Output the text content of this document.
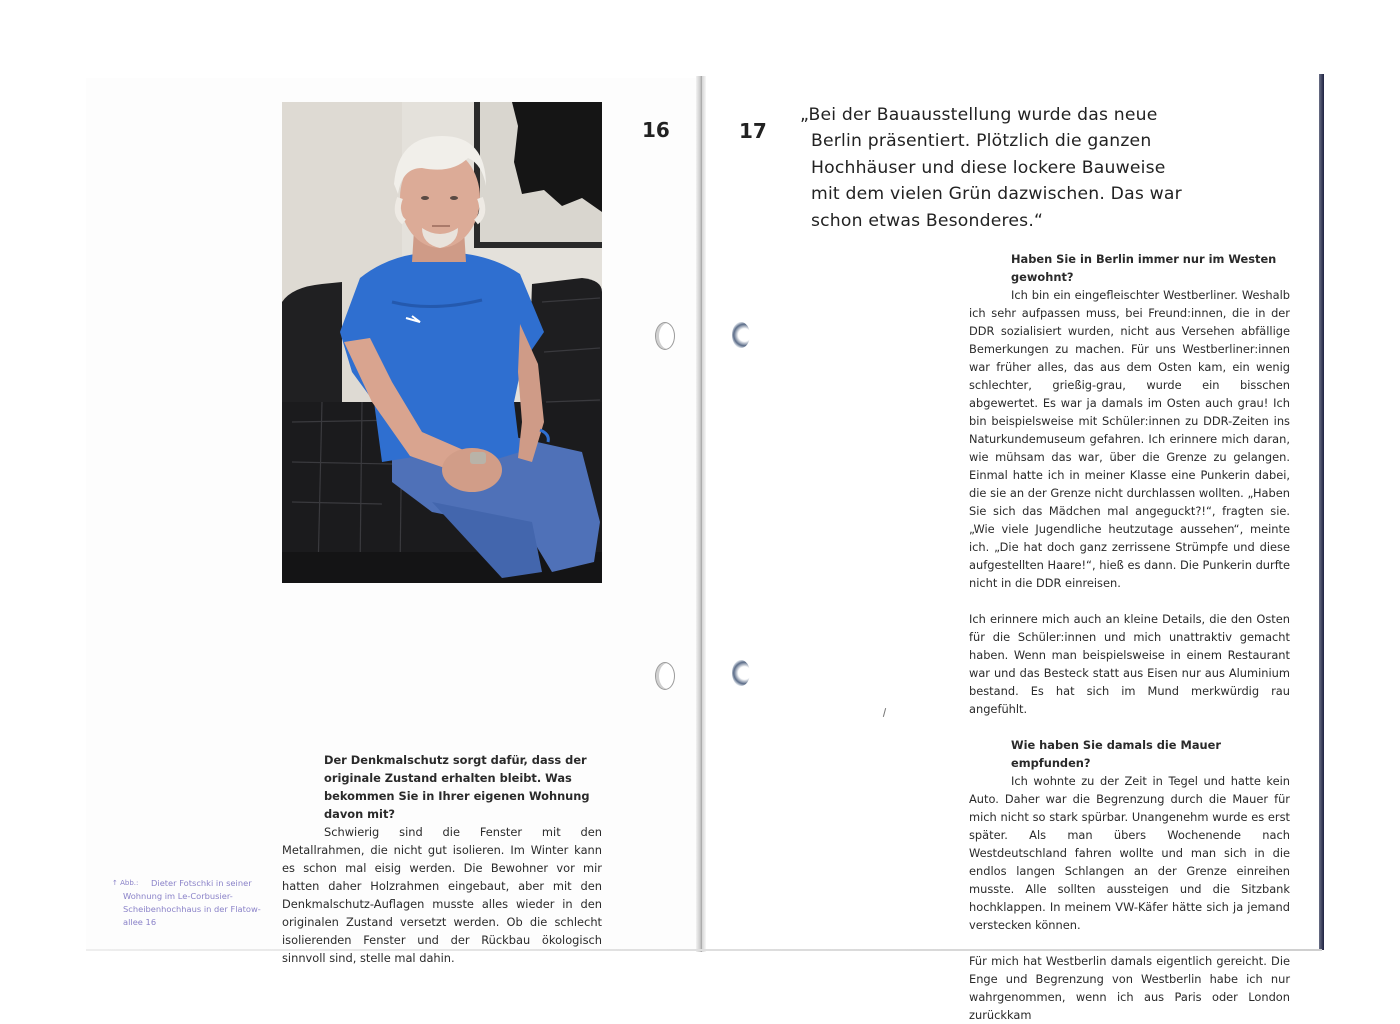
16	17
↑ Abb.:	Dieter Fotschki in seiner Wohnung im Le-Corbusier-Scheibenhochhaus in der Flatow-allee 16

Der Denkmalschutz sorgt dafür, dass der originale Zustand erhalten bleibt. Was bekommen Sie in Ihrer eigenen Wohnung davon mit?

Schwierig sind die Fenster mit den Metallrahmen, die nicht gut isolieren. Im Winter kann es schon mal eisig werden. Die Bewohner vor mir hatten daher Holzrahmen eingebaut, aber mit den Denkmalschutz-Auflagen musste alles wieder in den originalen Zustand versetzt werden. Ob die schlecht isolierenden Fenster und der Rückbau ökologisch sinnvoll sind, stelle mal dahin.

„Bei der Bauausstellung wurde das neue
Berlin präsentiert. Plötzlich die ganzen
Hochhäuser und diese lockere Bauweise
mit dem vielen Grün dazwischen. Das war
schon etwas Besonderes.“

Haben Sie in Berlin immer nur im Westen gewohnt?

Ich bin ein eingefleischter Westberliner. Weshalb ich sehr aufpassen muss, bei Freund:innen, die in der DDR sozialisiert wurden, nicht aus Versehen abfällige Bemerkungen zu machen. Für uns Westberliner:innen war früher alles, das aus dem Osten kam, ein wenig schlechter, grießig-grau, wurde ein bisschen abgewertet. Es war ja damals im Osten auch grau! Ich bin beispielsweise mit Schüler:innen zu DDR-Zeiten ins Naturkundemuseum gefahren. Ich erinnere mich daran, wie mühsam das war, über die Grenze zu gelangen. Einmal hatte ich in meiner Klasse eine Punkerin dabei, die sie an der Grenze nicht durchlassen wollten. „Haben Sie sich das Mädchen mal angeguckt?!“, fragten sie. „Wie viele Jugendliche heutzutage aussehen“, meinte ich. „Die hat doch ganz zerrissene Strümpfe und diese aufgestellten Haare!“, hieß es dann. Die Punkerin durfte nicht in die DDR einreisen.

Ich erinnere mich auch an kleine Details, die den Osten für die Schüler:innen und mich unattraktiv gemacht haben. Wenn man beispielsweise in einem Restaurant war und das Besteck statt aus Eisen nur aus Aluminium bestand. Es hat sich im Mund merkwürdig rau angefühlt.

Wie haben Sie damals die Mauer empfunden?

Ich wohnte zu der Zeit in Tegel und hatte kein Auto. Daher war die Begrenzung durch die Mauer für mich nicht so stark spürbar. Unangenehm wurde es erst später. Als man übers Wochenende nach Westdeutschland fahren wollte und man sich in die endlos langen Schlangen an der Grenze einreihen musste. Alle sollten aussteigen und die Sitzbank hochklappen. In meinem VW-Käfer hätte sich ja jemand verstecken können.

Für mich hat Westberlin damals eigentlich gereicht. Die Enge und Begrenzung von Westberlin habe ich nur wahrgenommen, wenn ich aus Paris oder London zurückkam
